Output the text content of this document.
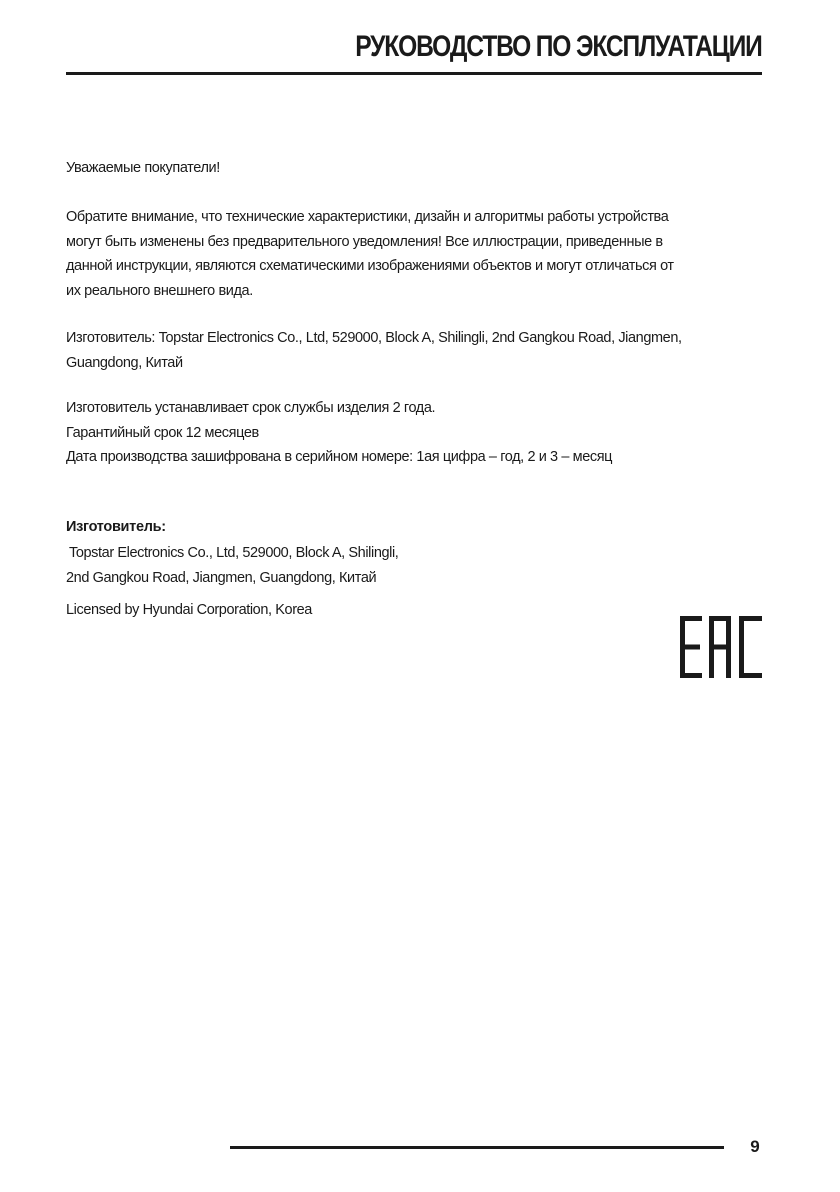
РУКОВОДСТВО ПО ЭКСПЛУАТАЦИИ

Уважаемые покупатели!

Обратите внимание, что технические характеристики, дизайн и алгоритмы работы устройства
могут быть изменены без предварительного уведомления! Все иллюстрации, приведенные в
данной инструкции, являются схематическими изображениями объектов и могут отличаться от
их реального внешнего вида.

Изготовитель: Topstar Electronics Co., Ltd, 529000, Block A, Shilingli, 2nd Gangkou Road, Jiangmen,
Guangdong, Китай

Изготовитель устанавливает срок службы изделия 2 года.
Гарантийный срок 12 месяцев
Дата производства зашифрована в серийном номере: 1ая цифра – год, 2 и 3 – месяц

Изготовитель:

Topstar Electronics Co., Ltd, 529000, Block A, Shilingli,
2nd Gangkou Road, Jiangmen, Guangdong, Китай

Licensed by Hyundai Corporation, Korea

9
